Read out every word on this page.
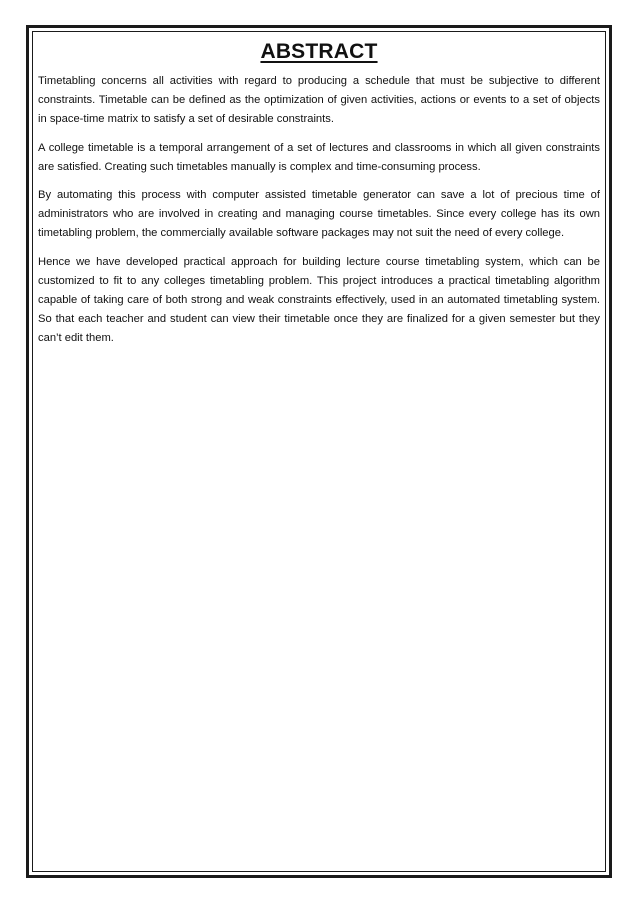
ABSTRACT

Timetabling concerns all activities with regard to producing a schedule that must be subjective to different constraints. Timetable can be defined as the optimization of given activities, actions or events to a set of objects in space-time matrix to satisfy a set of desirable constraints.

A college timetable is a temporal arrangement of a set of lectures and classrooms in which all given constraints are satisfied. Creating such timetables manually is complex and time-consuming process.

By automating this process with computer assisted timetable generator can save a lot of precious time of administrators who are involved in creating and managing course timetables. Since every college has its own timetabling problem, the commercially available software packages may not suit the need of every college.

Hence we have developed practical approach for building lecture course timetabling system, which can be customized to fit to any colleges timetabling problem. This project introduces a practical timetabling algorithm capable of taking care of both strong and weak constraints effectively, used in an automated timetabling system. So that each teacher and student can view their timetable once they are finalized for a given semester but they can’t edit them.
